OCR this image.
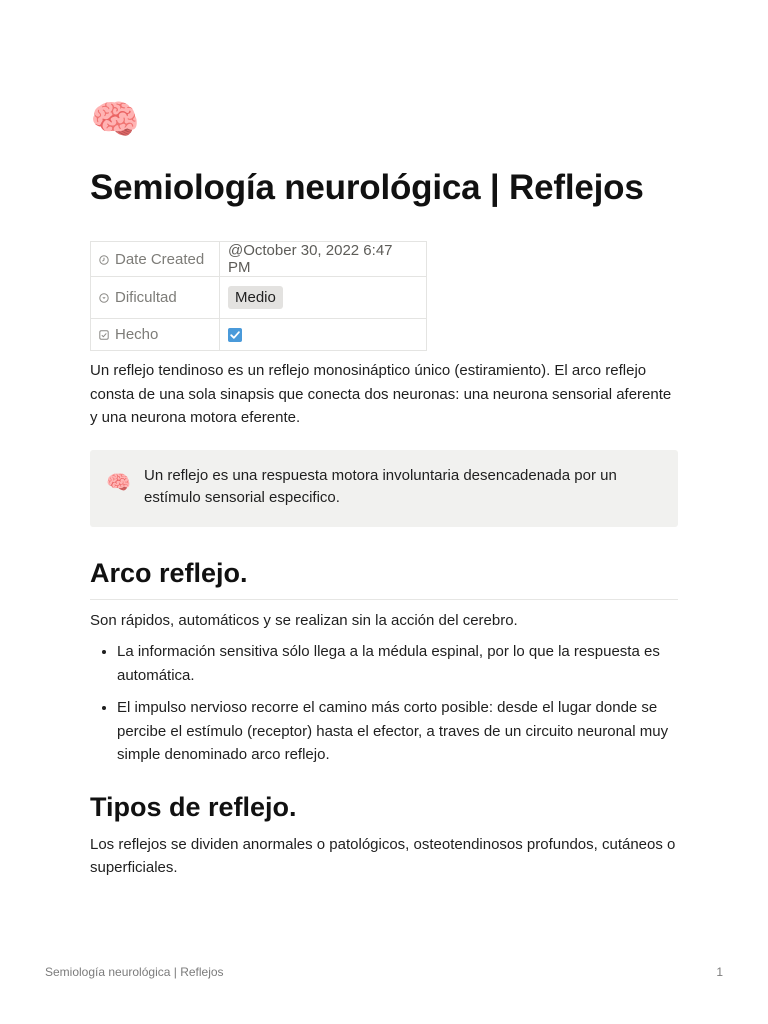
🧠
Semiología neurológica | Reflejos
Date Created	@October 30, 2022 6:47 PM
Dificultad	Medio
Hecho	

Un reflejo tendinoso es un reflejo monosináptico único (estiramiento). El arco reflejo consta de una sola sinapsis que conecta dos neuronas: una neurona sensorial aferente y una neurona motora eferente.

🧠 Un reflejo es una respuesta motora involuntaria desencadenada por un estímulo sensorial especifico.
Arco reflejo.

Son rápidos, automáticos y se realizan sin la acción del cerebro.

• La información sensitiva sólo llega a la médula espinal, por lo que la respuesta es automática.
• El impulso nervioso recorre el camino más corto posible: desde el lugar donde se percibe el estímulo (receptor) hasta el efector, a traves de un circuito neuronal muy simple denominado arco reflejo.
Tipos de reflejo.

Los reflejos se dividen anormales o patológicos, osteotendinosos profundos, cutáneos o superficiales.

Semiología neurológica | Reflejos	1
